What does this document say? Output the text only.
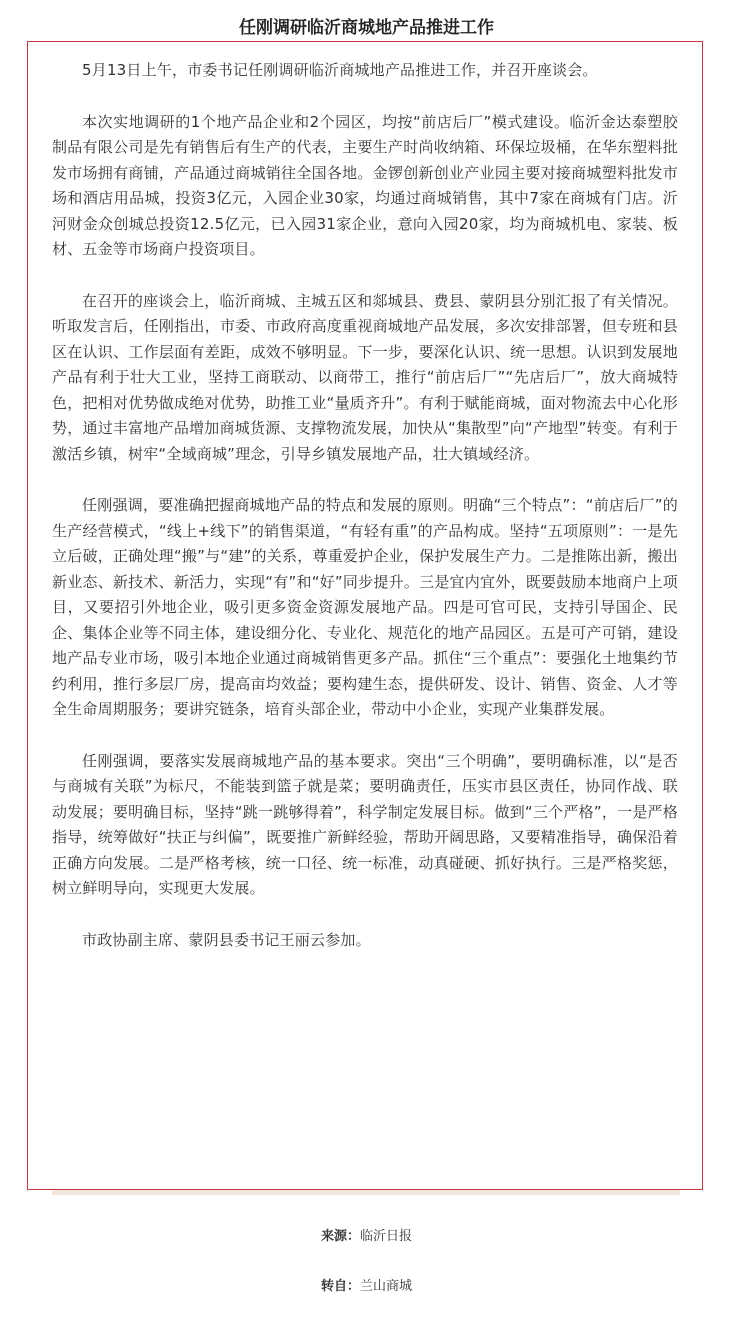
任刚调研临沂商城地产品推进工作

5月13日上午，市委书记任刚调研临沂商城地产品推进工作，并召开座谈会。

本次实地调研的1个地产品企业和2个园区，均按“前店后厂”模式建设。临沂金达泰塑胶制品有限公司是先有销售后有生产的代表，主要生产时尚收纳箱、环保垃圾桶，在华东塑料批发市场拥有商铺，产品通过商城销往全国各地。金锣创新创业产业园主要对接商城塑料批发市场和酒店用品城，投资3亿元，入园企业30家，均通过商城销售，其中7家在商城有门店。沂河财金众创城总投资12.5亿元，已入园31家企业，意向入园20家，均为商城机电、家装、板材、五金等市场商户投资项目。

在召开的座谈会上，临沂商城、主城五区和郯城县、费县、蒙阴县分别汇报了有关情况。听取发言后，任刚指出，市委、市政府高度重视商城地产品发展，多次安排部署，但专班和县区在认识、工作层面有差距，成效不够明显。下一步，要深化认识、统一思想。认识到发展地产品有利于壮大工业，坚持工商联动、以商带工，推行“前店后厂”“先店后厂”，放大商城特色，把相对优势做成绝对优势，助推工业“量质齐升”。有利于赋能商城，面对物流去中心化形势，通过丰富地产品增加商城货源、支撑物流发展，加快从“集散型”向“产地型”转变。有利于激活乡镇，树牢“全域商城”理念，引导乡镇发展地产品，壮大镇域经济。

任刚强调，要准确把握商城地产品的特点和发展的原则。明确“三个特点”：“前店后厂”的生产经营模式，“线上+线下”的销售渠道，“有轻有重”的产品构成。坚持“五项原则”：一是先立后破，正确处理“搬”与“建”的关系，尊重爱护企业，保护发展生产力。二是推陈出新，搬出新业态、新技术、新活力，实现“有”和“好”同步提升。三是宜内宜外，既要鼓励本地商户上项目，又要招引外地企业，吸引更多资金资源发展地产品。四是可官可民，支持引导国企、民企、集体企业等不同主体，建设细分化、专业化、规范化的地产品园区。五是可产可销，建设地产品专业市场，吸引本地企业通过商城销售更多产品。抓住“三个重点”：要强化土地集约节约利用，推行多层厂房，提高亩均效益；要构建生态，提供研发、设计、销售、资金、人才等全生命周期服务；要讲究链条，培育头部企业，带动中小企业，实现产业集群发展。

任刚强调，要落实发展商城地产品的基本要求。突出“三个明确”，要明确标准，以“是否与商城有关联”为标尺，不能装到篮子就是菜；要明确责任，压实市县区责任，协同作战、联动发展；要明确目标，坚持“跳一跳够得着”，科学制定发展目标。做到“三个严格”，一是严格指导，统筹做好“扶正与纠偏”，既要推广新鲜经验，帮助开阔思路，又要精准指导，确保沿着正确方向发展。二是严格考核，统一口径、统一标准，动真碰硬、抓好执行。三是严格奖惩，树立鲜明导向，实现更大发展。

市政协副主席、蒙阴县委书记王丽云参加。

来源：临沂日报
转自：兰山商城
